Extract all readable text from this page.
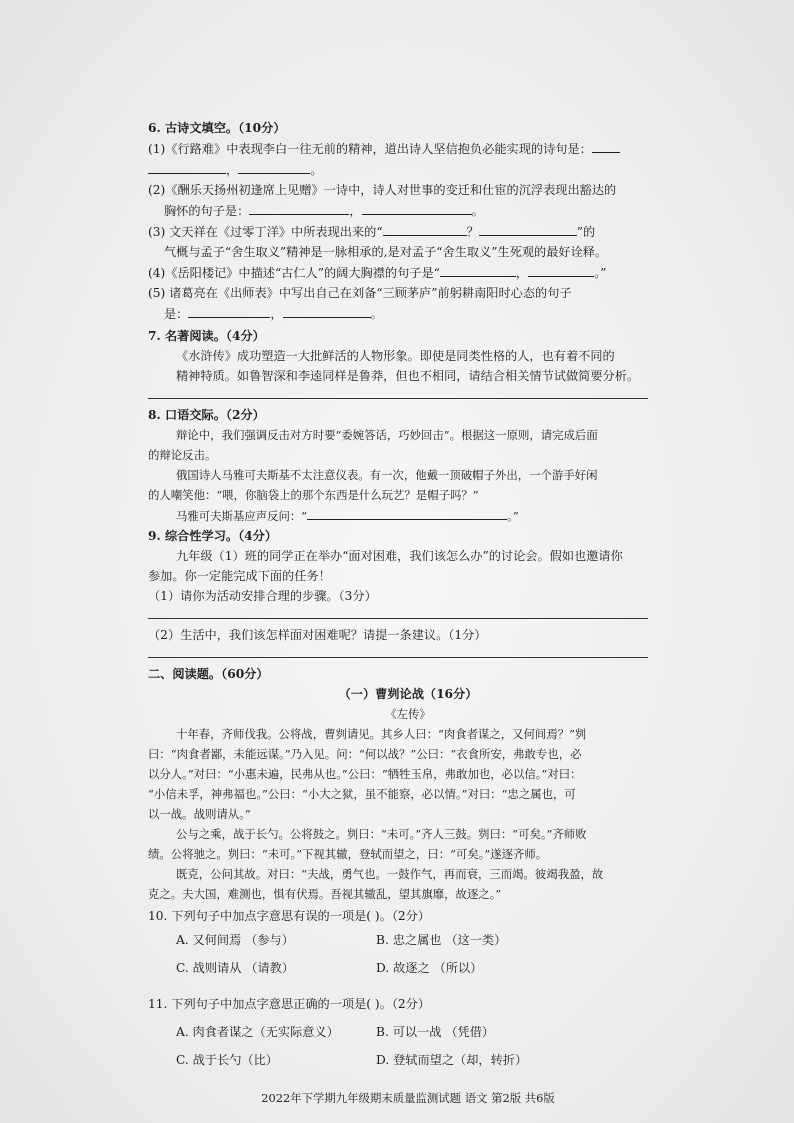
6. 古诗文填空。（10分）
(1)《行路难》中表现李白一往无前的精神，道出诗人坚信抱负必能实现的诗句是：
，	。
(2)《酬乐天扬州初逢席上见赠》一诗中，诗人对世事的变迁和仕宦的沉浮表现出豁达的
胸怀的句子是：	，	。
(3) 文天祥在《过零丁洋》中所表现出来的“	？	”的
气概与孟子“舍生取义”精神是一脉相承的,是对孟子“舍生取义”生死观的最好诠释。
(4)《岳阳楼记》中描述“古仁人”的阔大胸襟的句子是“	，	。”
(5) 诸葛亮在《出师表》中写出自己在刘备“三顾茅庐”前躬耕南阳时心态的句子
是：	，	。
7. 名著阅读。（4分）
《水浒传》成功塑造一大批鲜活的人物形象。即使是同类性格的人，也有着不同的
精神特质。如鲁智深和李逵同样是鲁莽，但也不相同，请结合相关情节试做简要分析。
8. 口语交际。（2分）
辩论中，我们强调反击对方时要“委婉答话，巧妙回击”。根据这一原则，请完成后面
的辩论反击。
俄国诗人马雅可夫斯基不太注意仪表。有一次，他戴一顶破帽子外出，一个游手好闲
的人嘲笑他：“喂，你脑袋上的那个东西是什么玩艺？是帽子吗？”
马雅可夫斯基应声反问：“	。”
9. 综合性学习。（4分）
九年级（1）班的同学正在举办“面对困难，我们该怎么办”的讨论会。假如也邀请你
参加。你一定能完成下面的任务！
（1）请你为活动安排合理的步骤。（3分）
（2）生活中，我们该怎样面对困难呢？请提一条建议。（1分）
二、阅读题。（60分）
（一）曹刿论战（16分）
《左传》
十年春，齐师伐我。公将战，曹刿请见。其乡人曰：“肉食者谋之，又何间焉？”刿
曰：“肉食者鄙，未能远谋。”乃入见。问：“何以战？”公曰：“衣食所安，弗敢专也，必
以分人。”对曰：“小惠未遍，民弗从也。”公曰：“牺牲玉帛，弗敢加也，必以信。”对曰：
“小信未孚，神弗福也。”公曰：“小大之狱，虽不能察，必以情。”对曰：“忠之属也，可
以一战。战则请从。”
公与之乘，战于长勺。公将鼓之。刿曰：“未可。”齐人三鼓。刿曰：“可矣。”齐师败
绩。公将驰之。刿曰：“未可。”下视其辙，登轼而望之，曰：“可矣。”遂逐齐师。
既克，公问其故。对曰：“夫战，勇气也。一鼓作气，再而衰，三而竭。彼竭我盈，故
克之。夫大国，难测也，惧有伏焉。吾视其辙乱，望其旗靡，故逐之。”
10. 下列句子中加点字意思有误的一项是( )。（2分）
A. 又何间焉 （参与）	B. 忠之属也 （这一类）
C. 战则请从 （请教）	D. 故逐之 （所以）
11. 下列句子中加点字意思正确的一项是( )。（2分）
A. 肉食者谋之（无实际意义）	B. 可以一战 （凭借）
C. 战于长勺（比）	D. 登轼而望之（却，转折）
2022年下学期九年级期末质量监测试题 语文 第2版 共6版
